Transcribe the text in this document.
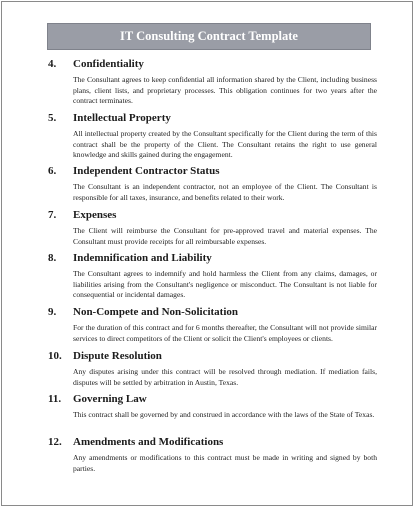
IT Consulting Contract Template
4. Confidentiality
The Consultant agrees to keep confidential all information shared by the Client, including business plans, client lists, and proprietary processes. This obligation continues for two years after the contract terminates.
5. Intellectual Property
All intellectual property created by the Consultant specifically for the Client during the term of this contract shall be the property of the Client. The Consultant retains the right to use general knowledge and skills gained during the engagement.
6. Independent Contractor Status
The Consultant is an independent contractor, not an employee of the Client. The Consultant is responsible for all taxes, insurance, and benefits related to their work.
7. Expenses
The Client will reimburse the Consultant for pre-approved travel and material expenses. The Consultant must provide receipts for all reimbursable expenses.
8. Indemnification and Liability
The Consultant agrees to indemnify and hold harmless the Client from any claims, damages, or liabilities arising from the Consultant's negligence or misconduct. The Consultant is not liable for consequential or incidental damages.
9. Non-Compete and Non-Solicitation
For the duration of this contract and for 6 months thereafter, the Consultant will not provide similar services to direct competitors of the Client or solicit the Client's employees or clients.
10. Dispute Resolution
Any disputes arising under this contract will be resolved through mediation. If mediation fails, disputes will be settled by arbitration in Austin, Texas.
11. Governing Law
This contract shall be governed by and construed in accordance with the laws of the State of Texas.
12. Amendments and Modifications
Any amendments or modifications to this contract must be made in writing and signed by both parties.
